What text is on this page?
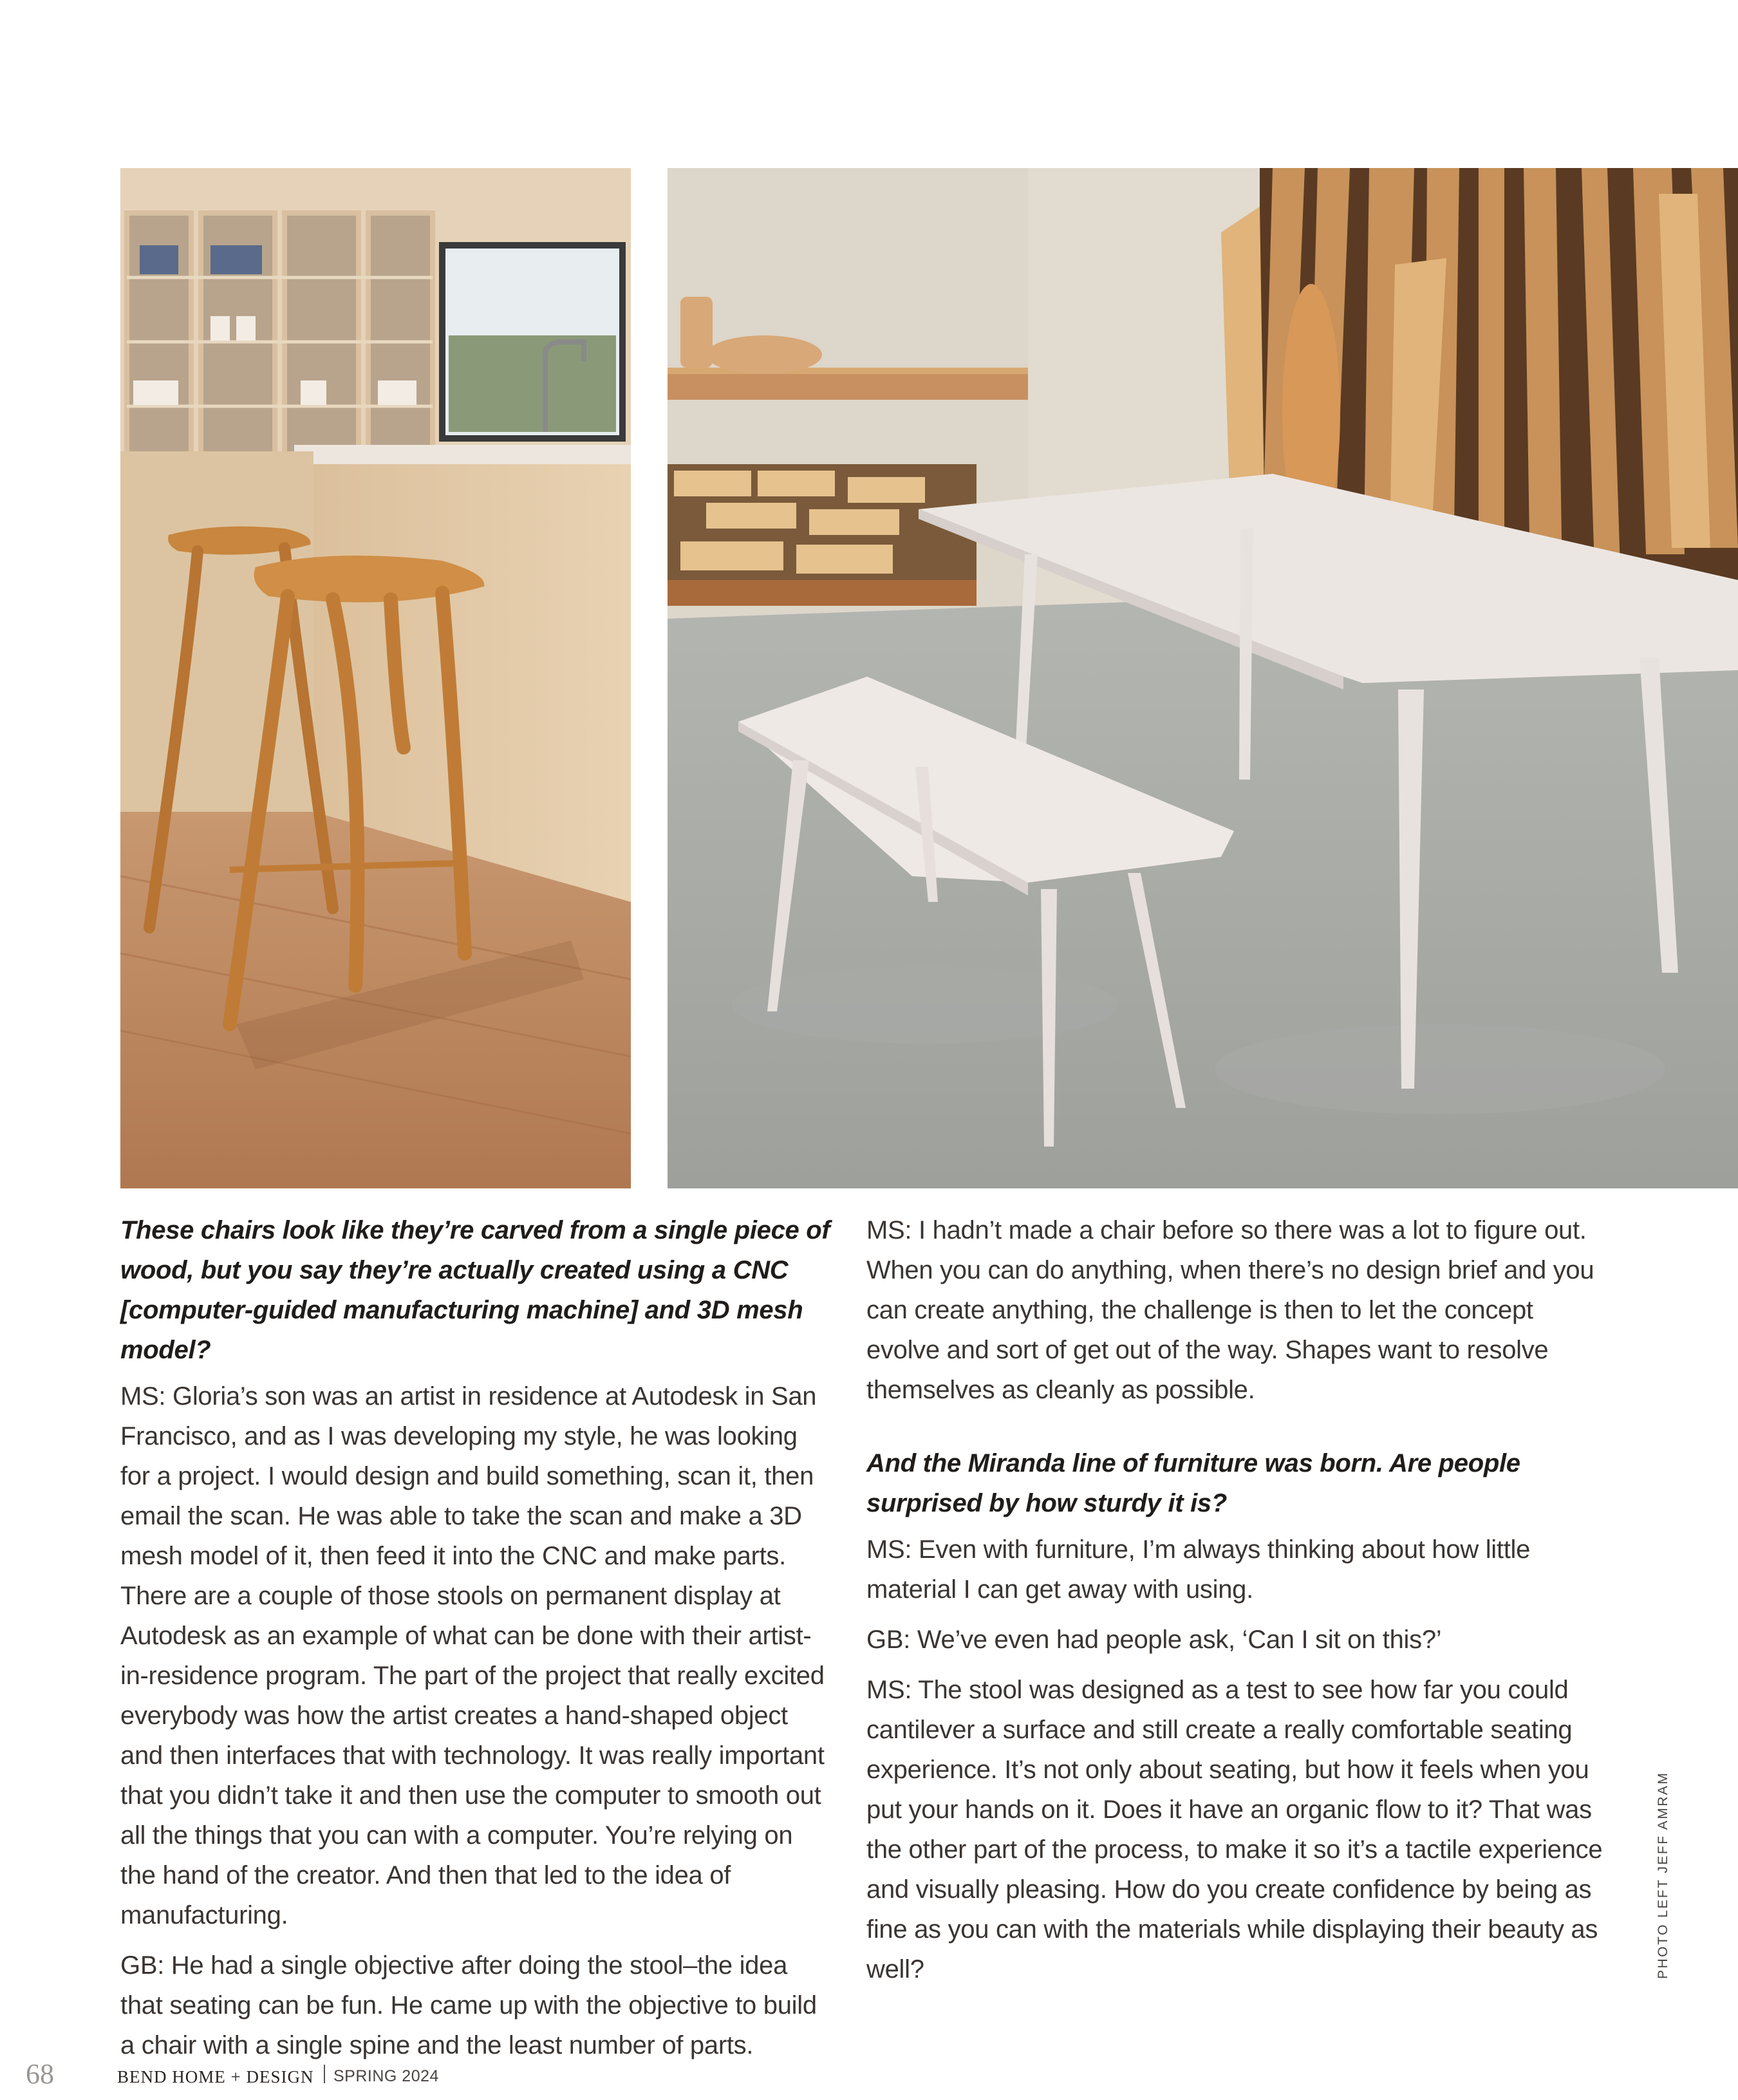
These chairs look like they’re carved from a single piece of wood, but you say they’re actually created using a CNC [computer-guided manufacturing machine] and 3D mesh model?

MS: Gloria’s son was an artist in residence at Autodesk in San Francisco, and as I was developing my style, he was looking for a project. I would design and build something, scan it, then email the scan. He was able to take the scan and make a 3D mesh model of it, then feed it into the CNC and make parts. There are a couple of those stools on permanent display at Autodesk as an example of what can be done with their artist-in-residence program. The part of the project that really excited everybody was how the artist creates a hand-shaped object and then interfaces that with technology. It was really important that you didn’t take it and then use the computer to smooth out all the things that you can with a computer. You’re relying on the hand of the creator. And then that led to the idea of manufacturing.

GB: He had a single objective after doing the stool–the idea that seating can be fun. He came up with the objective to build a chair with a single spine and the least number of parts.

MS: I hadn’t made a chair before so there was a lot to figure out. When you can do anything, when there’s no design brief and you can create anything, the challenge is then to let the concept evolve and sort of get out of the way. Shapes want to resolve themselves as cleanly as possible.

And the Miranda line of furniture was born. Are people surprised by how sturdy it is?

MS: Even with furniture, I’m always thinking about how little material I can get away with using.

GB: We’ve even had people ask, ‘Can I sit on this?’

MS: The stool was designed as a test to see how far you could cantilever a surface and still create a really comfortable seating experience. It’s not only about seating, but how it feels when you put your hands on it. Does it have an organic flow to it? That was the other part of the process, to make it so it’s a tactile experience and visually pleasing. How do you create confidence by being as fine as you can with the materials while displaying their beauty as well?	PHOTO LEFT JEFF AMRAM
68	BEND HOME + DESIGN SPRING 2024
